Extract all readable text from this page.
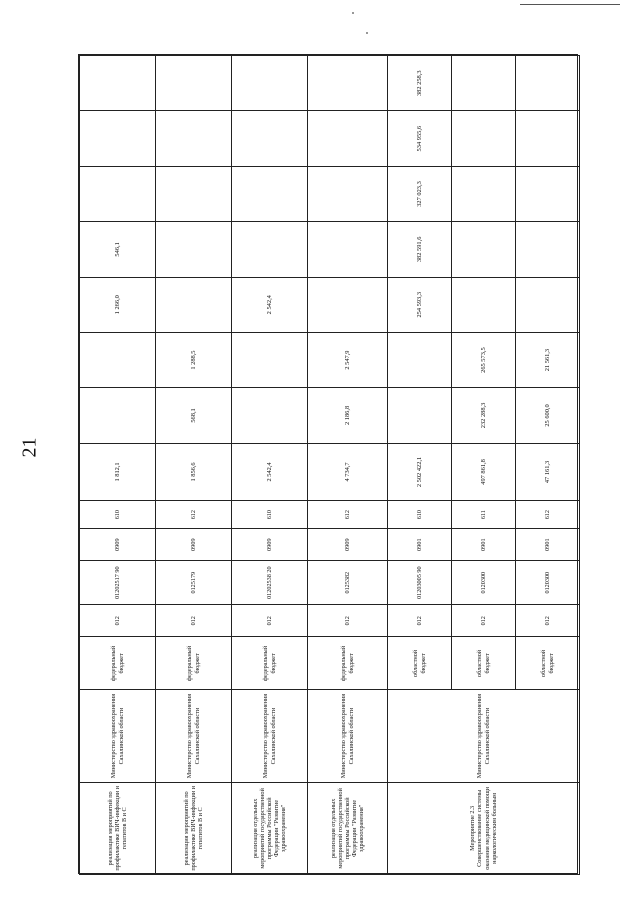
21
реализация мероприятий по профилактике ВИЧ-инфекции и гепатитов В и С	Министерство здравоохранения Сахалинской области	федеральный бюджет	012	01202517 90	0909	610	1 812,1			1 266,0	546,1			
реализация мероприятий по профилактике ВИЧ-инфекции и гепатитов В и С	Министерство здравоохранения Сахалинской области	федеральный бюджет	012	0125179	0909	612	1 856,6	568,1	1 288,5					
реализация отдельных мероприятий государственной программы Российской Федерации "Развитие здравоохранения"	Министерство здравоохранения Сахалинской области	федеральный бюджет	012	01202538 20	0909	610	2 542,4			2 542,4				
реализация отдельных мероприятий государственной программы Российской Федерации "Развитие здравоохранения"	Министерство здравоохранения Сахалинской области	федеральный бюджет	012	0125382	0909	612	4 734,7	2 186,8	2 547,9					
Мероприятие 2.3 Совершенствование системы оказания медицинской помощи наркологическим больным	Министерство здравоохранения Сахалинской области	областной бюджет	012	01203005 90	0901	610	2 502 422,1			254 593,3	382 591,6	327 023,3	534 955,6	382 258,3
		областной бюджет	012	0120300	0901	611	497 861,8	232 288,3	265 573,5					
		областной бюджет	012	0120300	0901	612	47 161,3	25 600,0	21 561,3					
